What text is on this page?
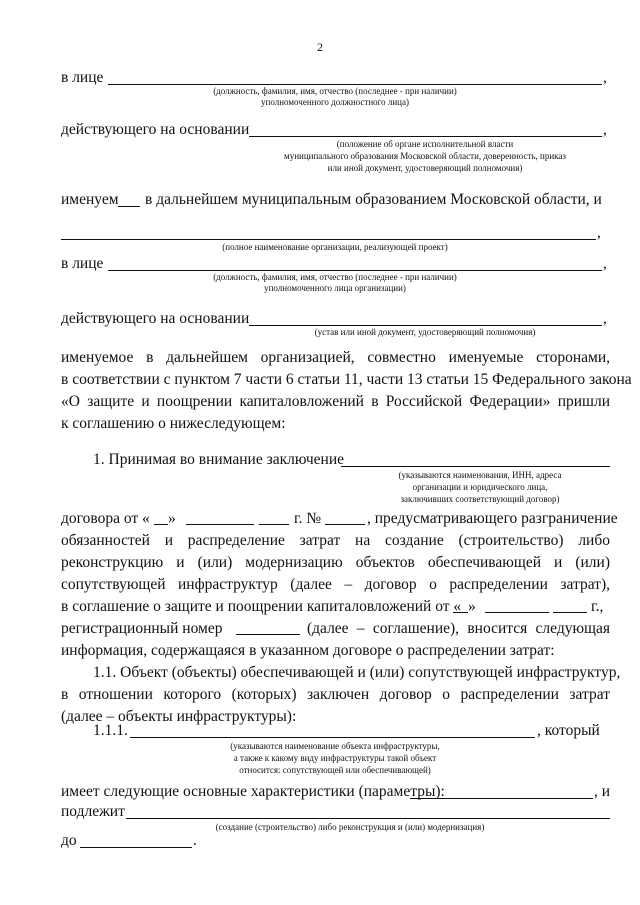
2
в лице	,
(должность, фамилия, имя, отчество (последнее - при наличии)
уполномоченного должностного лица)
действующего на основании	,
(положение об органе исполнительной власти
муниципального образования Московской области, доверенность, приказ
или иной документ, удостоверяющий полномочия)
именуем в дальнейшем муниципальным образованием Московской области, и
,
(полное наименование организации, реализующей проект)
в лице	,
(должность, фамилия, имя, отчество (последнее - при наличии)
уполномоченного лица организации)
действующего на основании	,
(устав или иной документ, удостоверяющий полномочия)
именуемое в дальнейшем организацией, совместно именуемые сторонами,
в соответствии с пунктом 7 части 6 статьи 11, части 13 статьи 15 Федерального закона
«О защите и поощрении капиталовложений в Российской Федерации» пришли
к соглашению о нижеследующем:
1. Принимая во внимание заключение
(указываются наименования, ИНН, адреса
организации и юридического лица,
заключивших соответствующий договор)
договора от « »	г. №	, предусматривающего разграничение
обязанностей и распределение затрат на создание (строительство) либо
реконструкцию и (или) модернизацию объектов обеспечивающей и (или)
сопутствующей инфраструктур (далее – договор о распределении затрат),
в соглашение о защите и поощрении капиталовложений от « »	г.,
регистрационный номер	(далее – соглашение), вносится следующая
информация, содержащаяся в указанном договоре о распределении затрат:
1.1. Объект (объекты) обеспечивающей и (или) сопутствующей инфраструктур,
в отношении которого (которых) заключен договор о распределении затрат
(далее – объекты инфраструктуры):
1.1.1.	, который
(указываются наименование объекта инфраструктуры,
а также к какому виду инфраструктуры такой объект
относится: сопутствующей или обеспечивающей)
имеет следующие основные характеристики (параметры):	, и
подлежит
(создание (строительство) либо реконструкция и (или) модернизация)
до	.
